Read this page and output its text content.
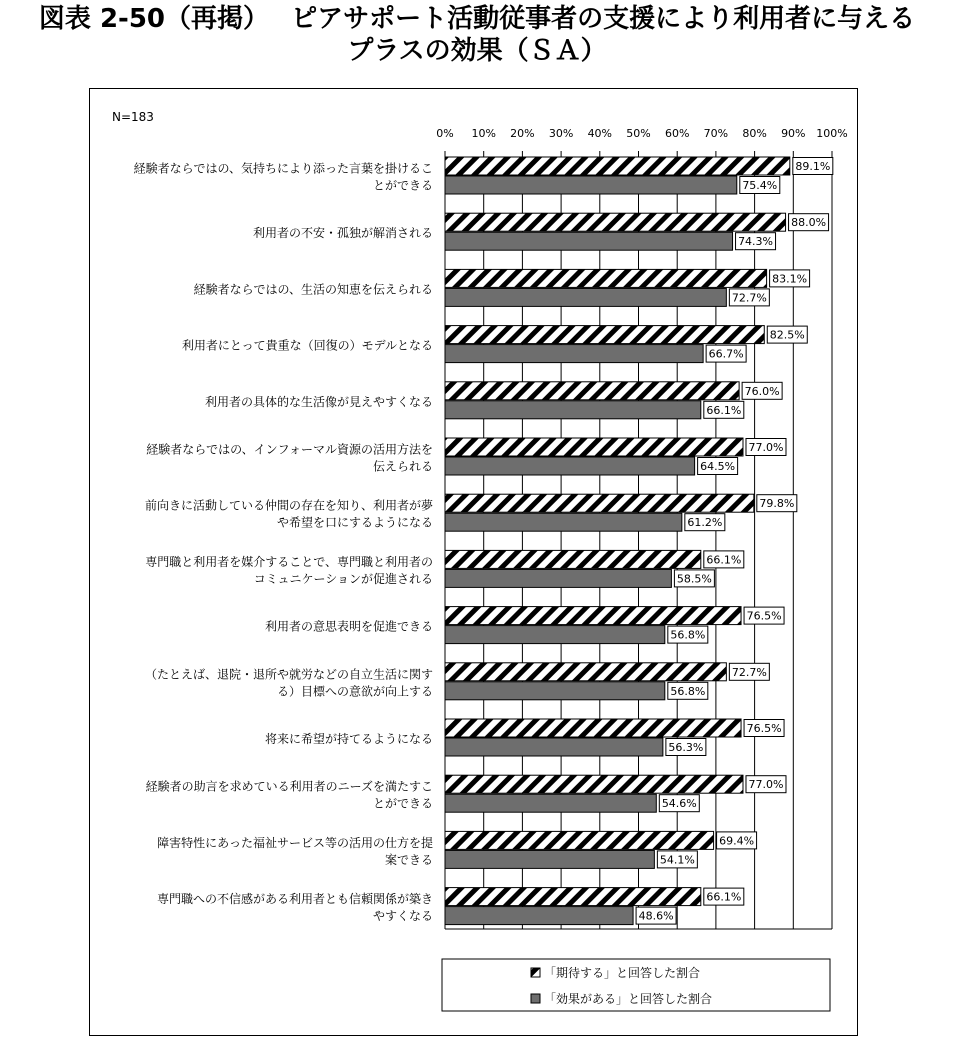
図表 2-50（再掲）　 ピアサポート活動従事者の支援により利用者に与える
プラスの効果（ＳＡ）
N=183
0% 10% 20% 30% 40% 50% 60% 70% 80% 90% 100%
89.1%
75.4%
経験者ならではの、気持ちにより添った言葉を掛けるこ
とができる
88.0%
74.3%
利用者の不安・孤独が解消される
83.1%
72.7%
経験者ならではの、生活の知恵を伝えられる
82.5%
66.7%
利用者にとって貴重な（回復の）モデルとなる
76.0%
66.1%
利用者の具体的な生活像が見えやすくなる
77.0%
64.5%
経験者ならではの、インフォーマル資源の活用方法を
伝えられる
79.8%
61.2%
前向きに活動している仲間の存在を知り、利用者が夢
や希望を口にするようになる
66.1%
58.5%
専門職と利用者を媒介することで、専門職と利用者の
コミュニケーションが促進される
76.5%
56.8%
利用者の意思表明を促進できる
72.7%
56.8%
（たとえば、退院・退所や就労などの自立生活に関す
る）目標への意欲が向上する
76.5%
56.3%
将来に希望が持てるようになる
77.0%
54.6%
経験者の助言を求めている利用者のニーズを満たすこ
とができる
69.4%
54.1%
障害特性にあった福祉サービス等の活用の仕方を提
案できる
66.1%
48.6%
専門職への不信感がある利用者とも信頼関係が築き
やすくなる
「期待する」と回答した割合
「効果がある」と回答した割合
